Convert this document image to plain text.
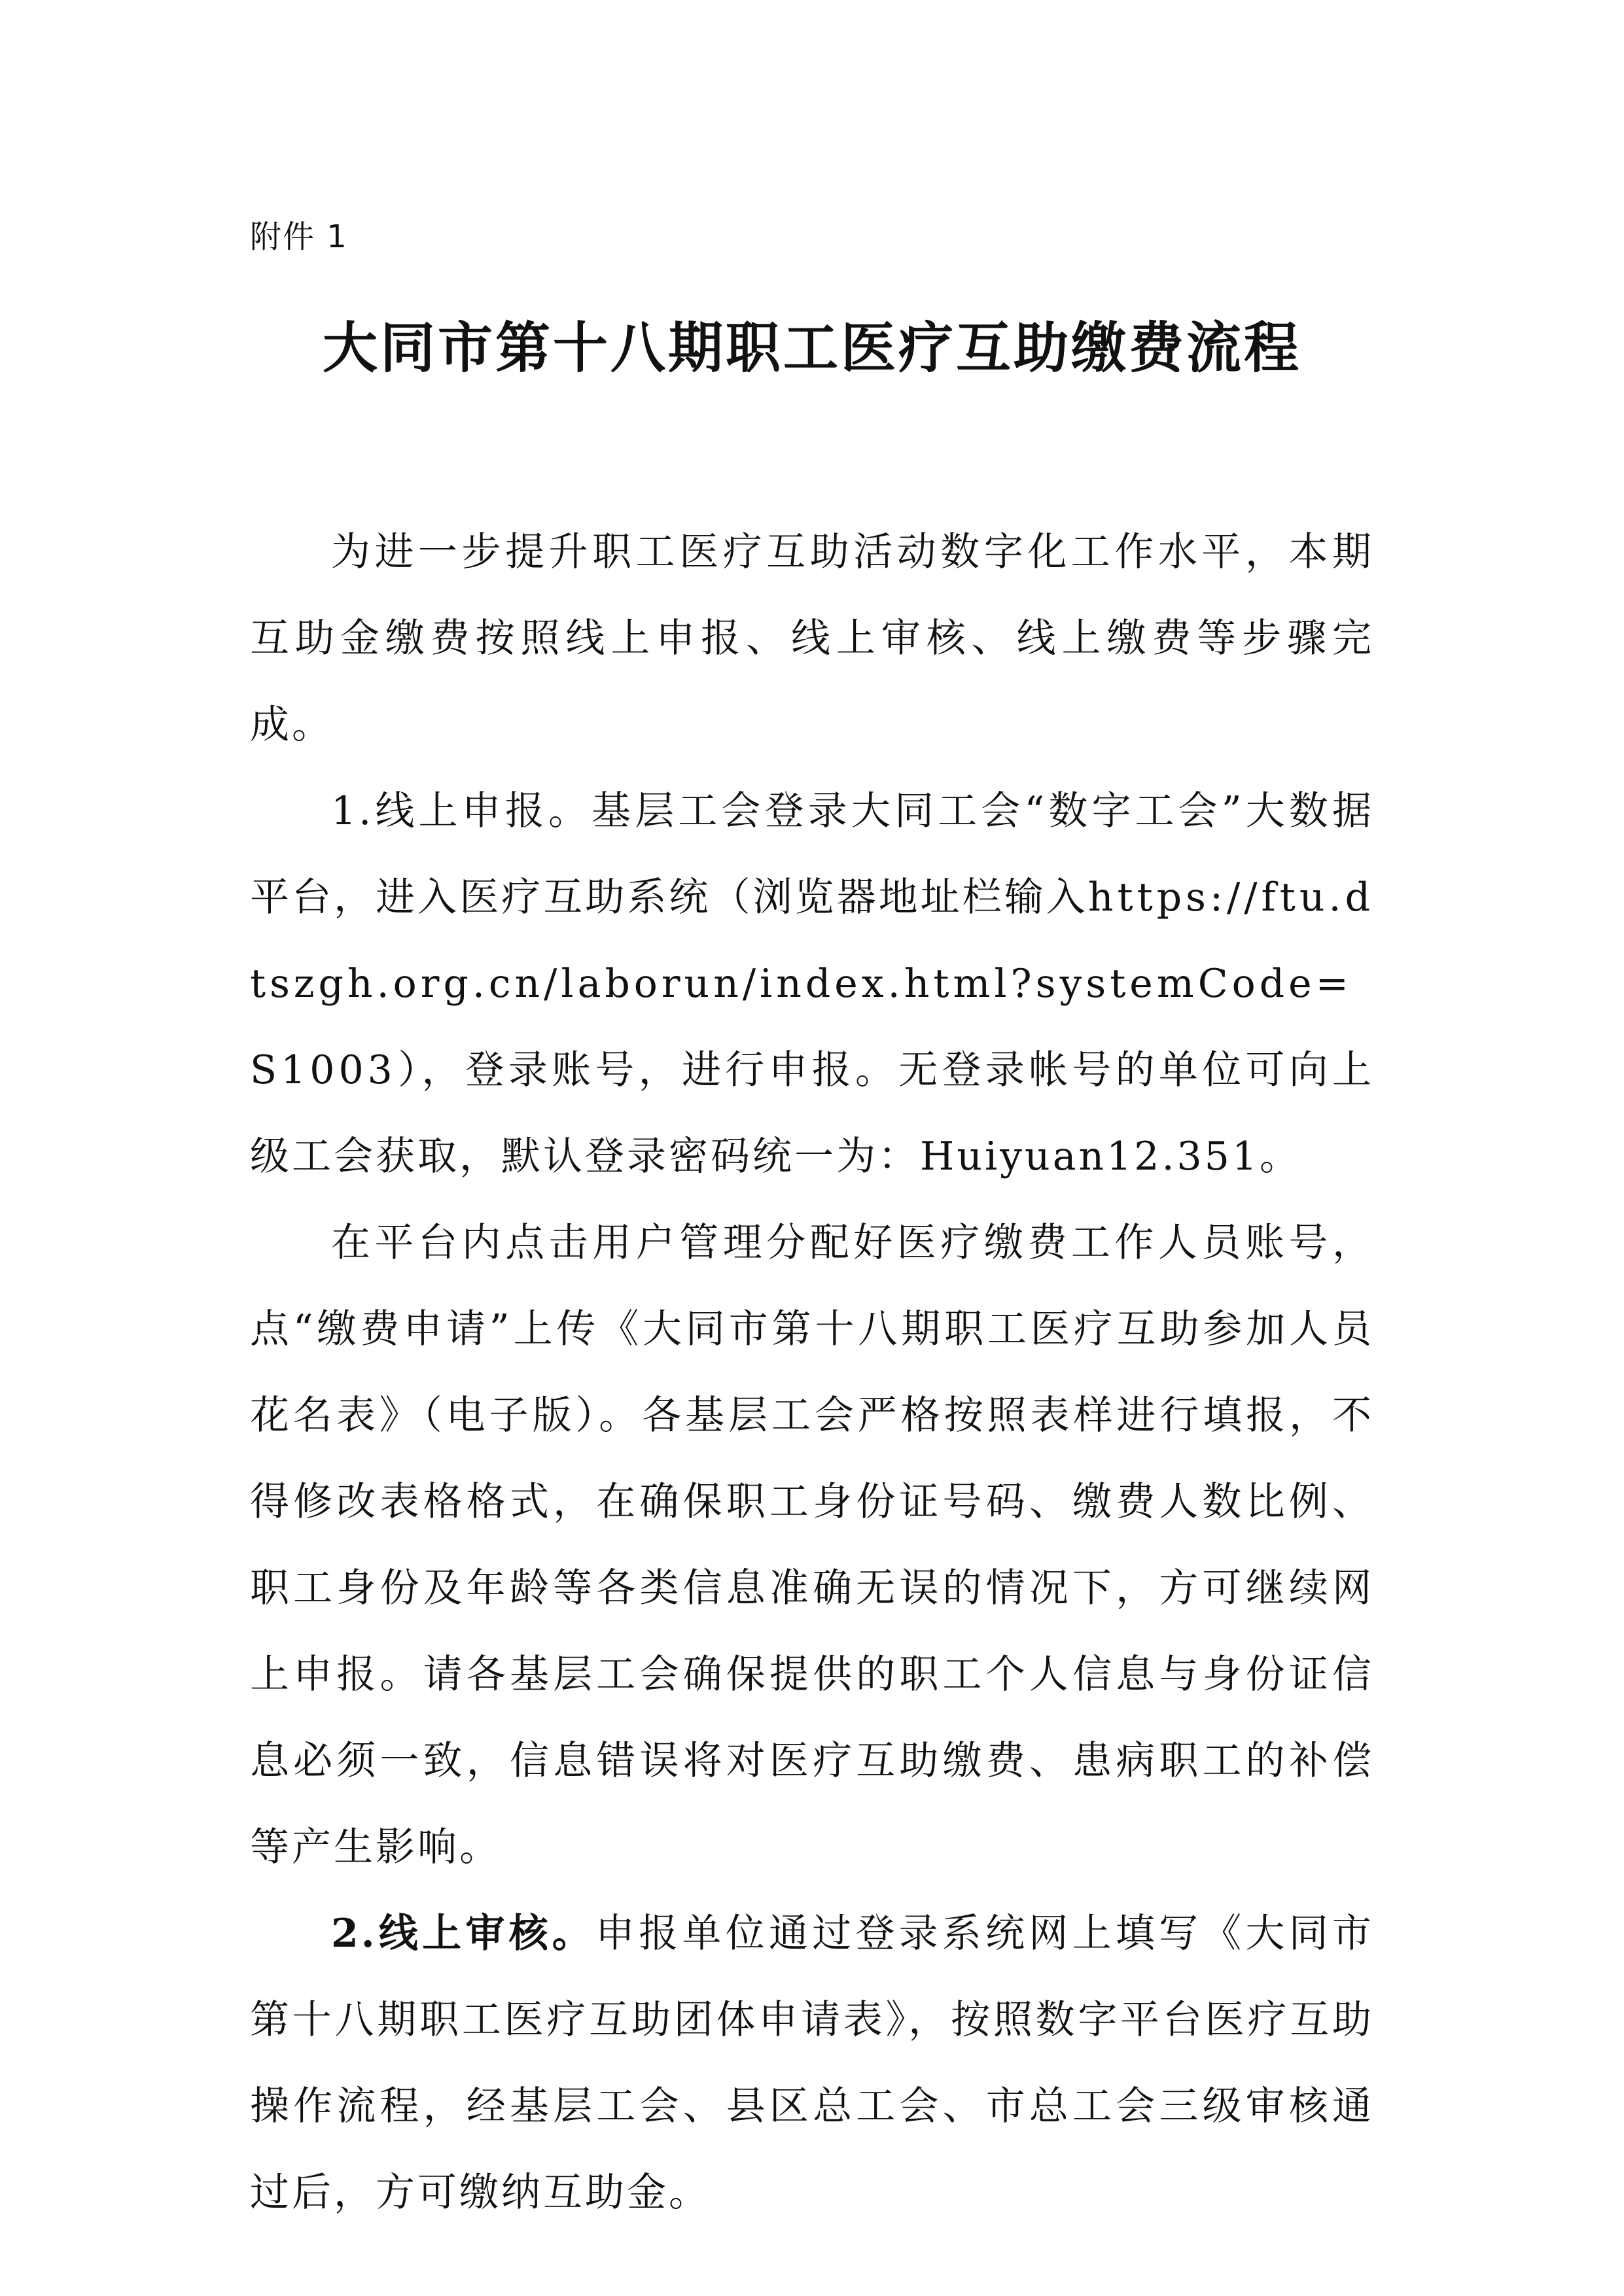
附件 1
大同市第十八期职工医疗互助缴费流程

为进一步提升职工医疗互助活动数字化工作水平，本期互助金缴费按照线上申报、线上审核、线上缴费等步骤完成。

1.线上申报。基层工会登录大同工会“数字工会”大数据平台，进入医疗互助系统（浏览器地址栏输入https://ftu.dtszgh.org.cn/laborun/index.html?systemCode=S1003），登录账号，进行申报。无登录帐号的单位可向上级工会获取，默认登录密码统一为：Huiyuan12.351。

在平台内点击用户管理分配好医疗缴费工作人员账号，点“缴费申请”上传《大同市第十八期职工医疗互助参加人员花名表》（电子版）。各基层工会严格按照表样进行填报，不得修改表格格式，在确保职工身份证号码、缴费人数比例、职工身份及年龄等各类信息准确无误的情况下，方可继续网上申报。请各基层工会确保提供的职工个人信息与身份证信息必须一致，信息错误将对医疗互助缴费、患病职工的补偿等产生影响。

2.线上审核。申报单位通过登录系统网上填写《大同市第十八期职工医疗互助团体申请表》，按照数字平台医疗互助操作流程，经基层工会、县区总工会、市总工会三级审核通过后，方可缴纳互助金。
